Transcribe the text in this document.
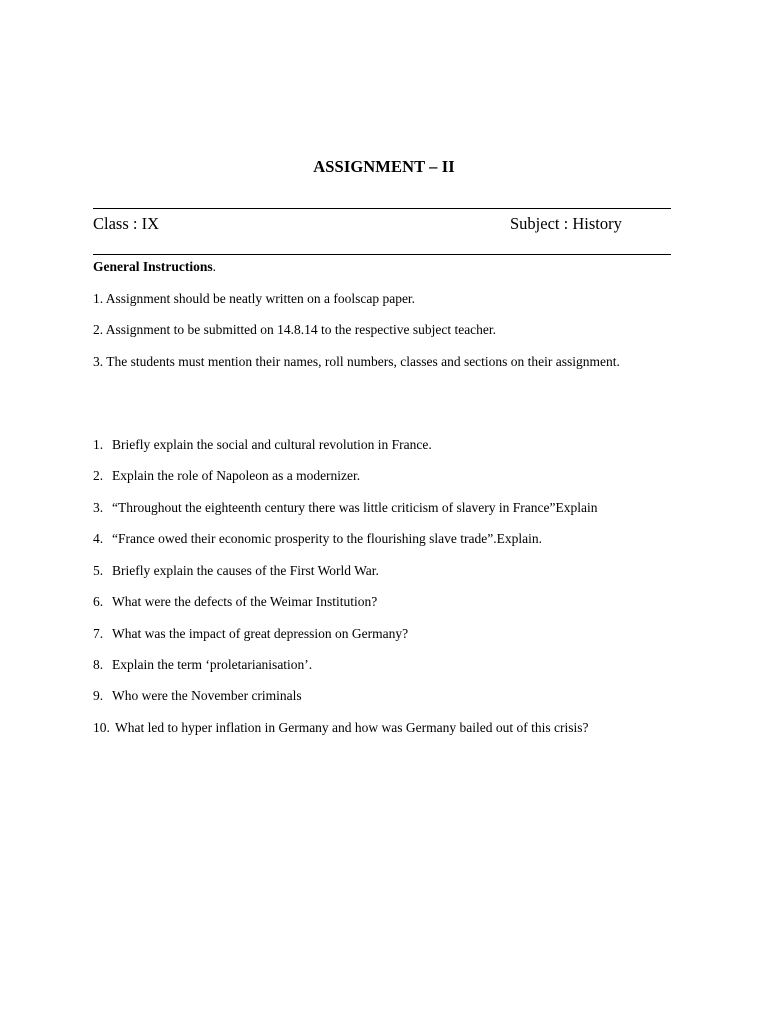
ASSIGNMENT – II
Class : IX	Subject : History
General Instructions.
1. Assignment should be neatly written on a foolscap paper.
2. Assignment to be submitted on 14.8.14 to the respective subject teacher.
3. The students must mention their names, roll numbers, classes and sections on their assignment.
1. Briefly explain the social and cultural revolution in France.
2. Explain the role of Napoleon as a modernizer.
3. “Throughout the eighteenth century there was little criticism of slavery in France”Explain
4. “France owed their economic prosperity to the flourishing slave trade”.Explain.
5. Briefly explain the causes of the First World War.
6. What were the defects of the Weimar Institution?
7. What was the impact of great depression on Germany?
8. Explain the term ‘proletarianisation’.
9. Who were the November criminals
10. What led to hyper inflation in Germany and how was Germany bailed out of this crisis?
